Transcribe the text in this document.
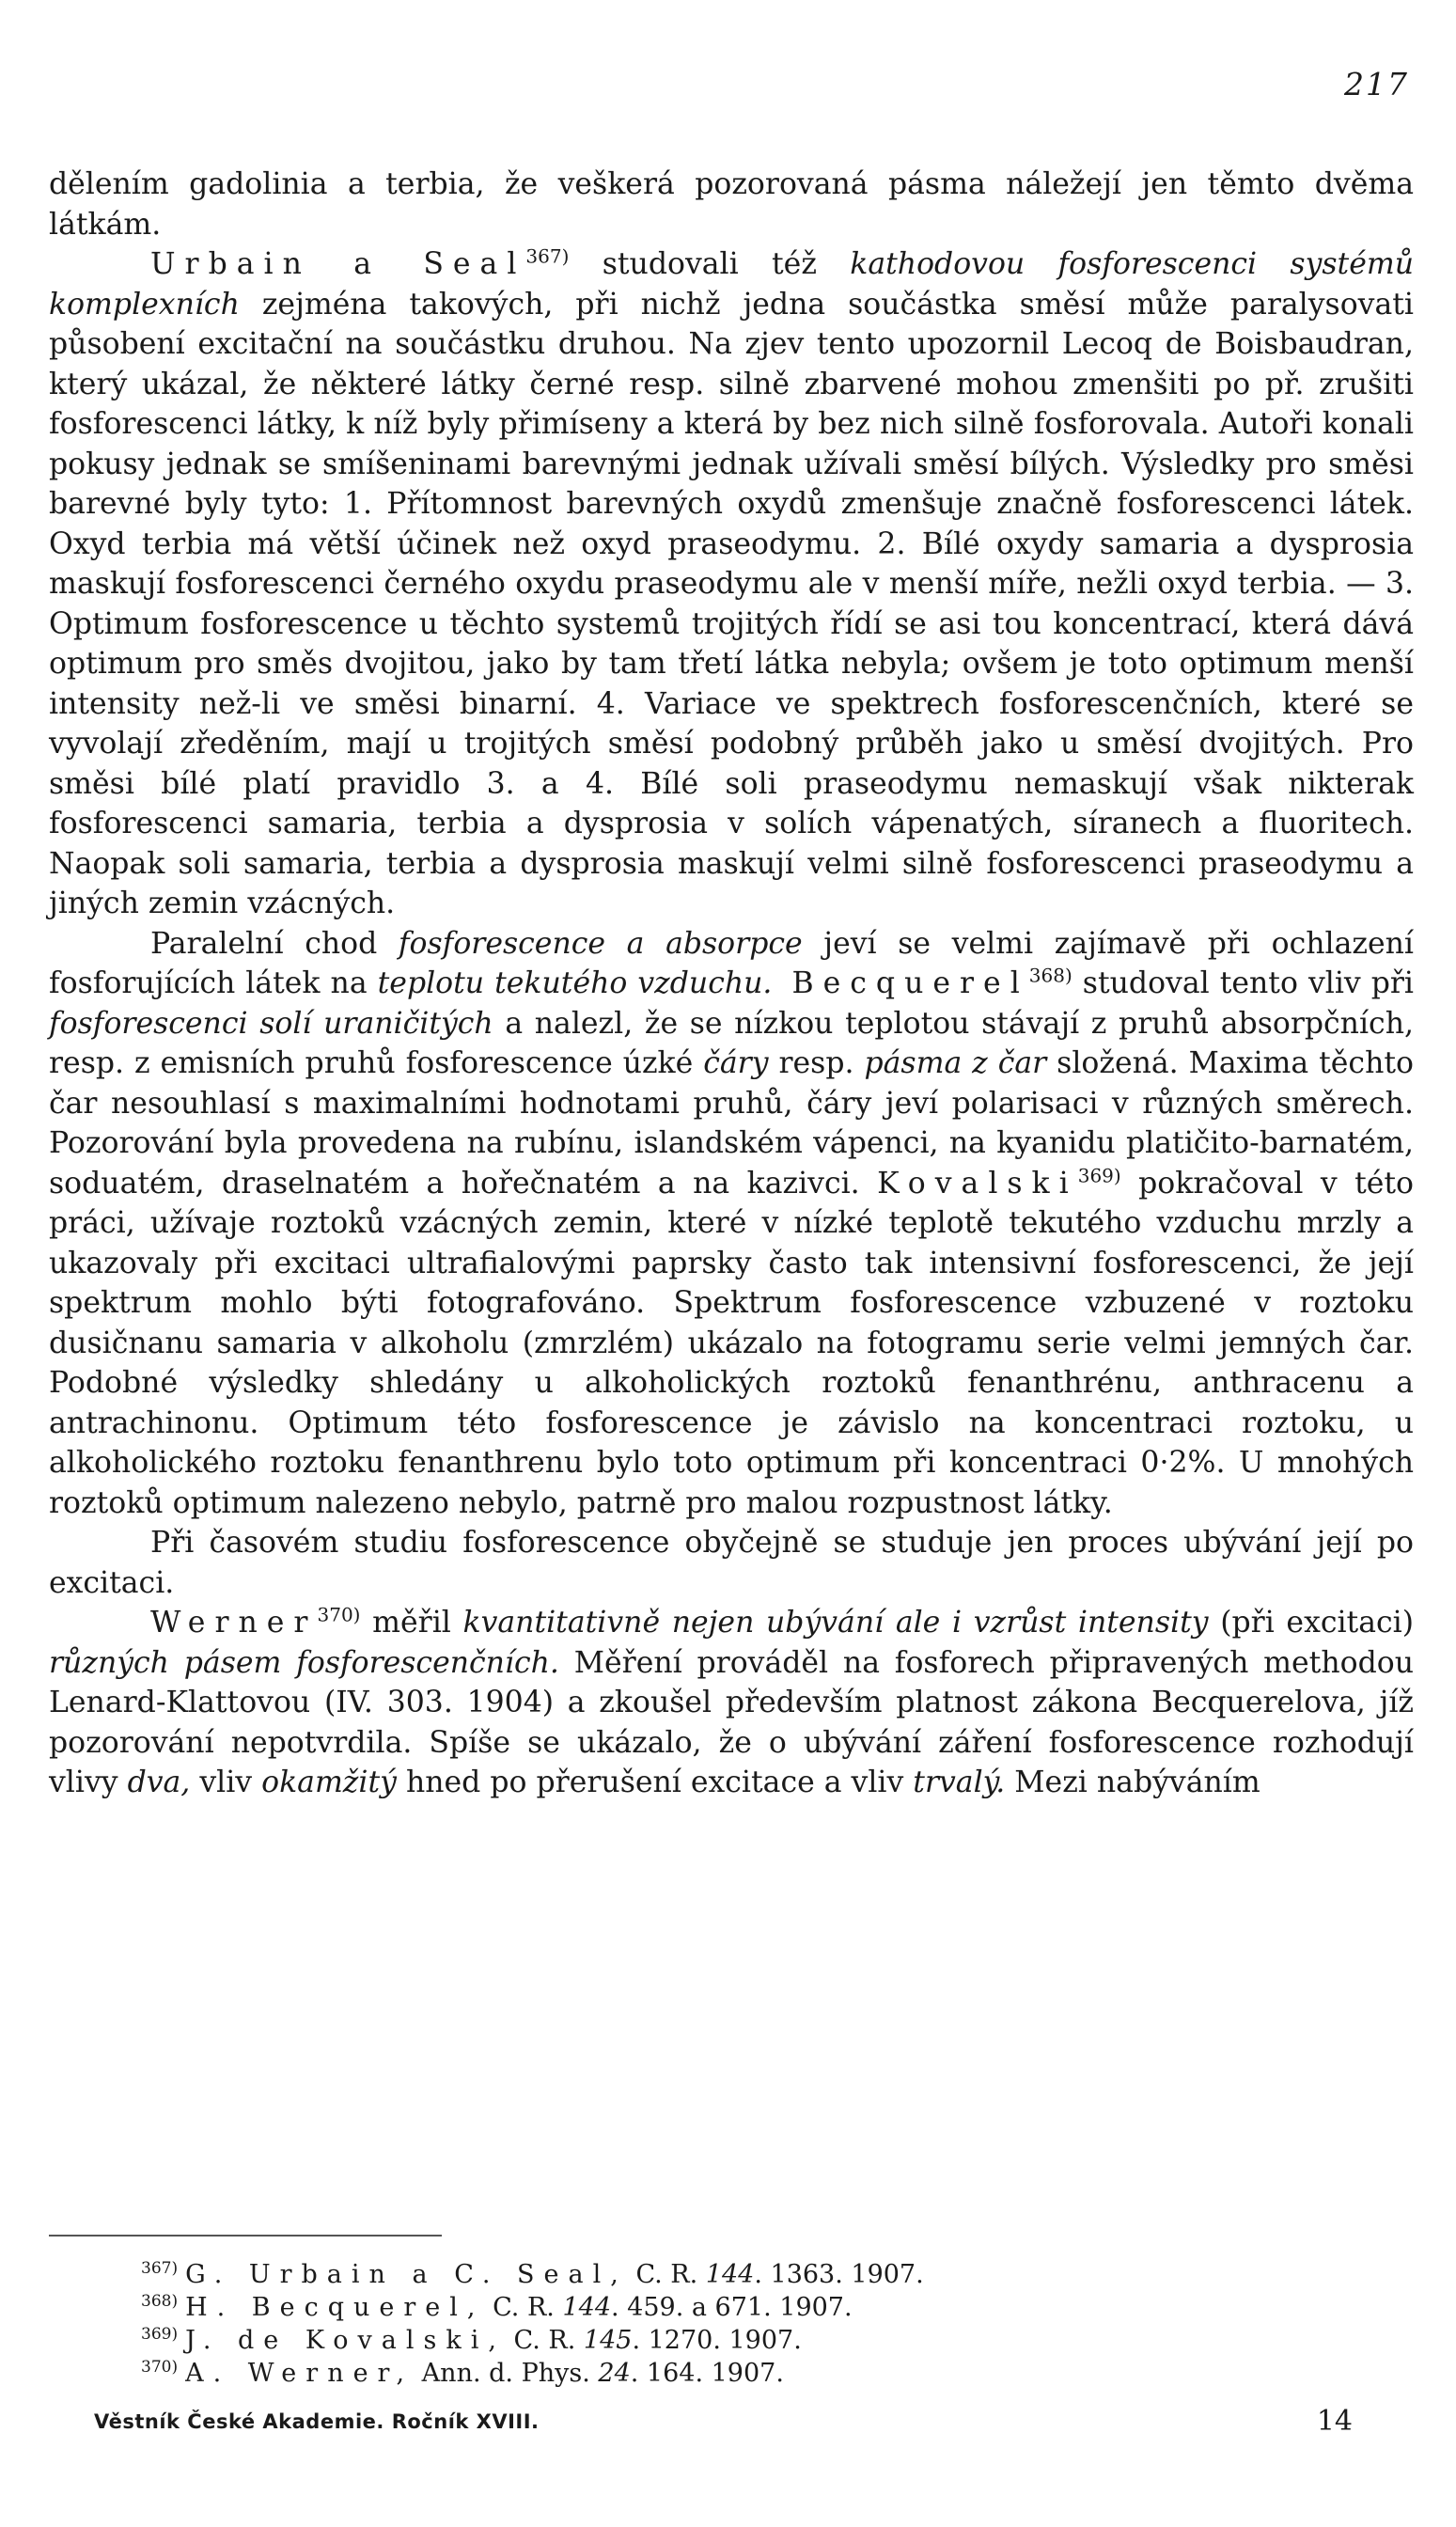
217

dělením gadolinia a terbia, že veškerá pozorovaná pásma náležejí jen těmto dvěma látkám.

Urbain a Seal$^{367)}$ studovali též kathodovou fosforescenci systémů komplexních zejména takových, při nichž jedna součástka směsí může paralysovati působení excitační na součástku druhou. Na zjev tento upozornil Lecoq de Boisbaudran, který ukázal, že některé látky černé resp. silně zbarvené mohou zmenšiti po př. zrušiti fosforescenci látky, k níž byly přimíseny a která by bez nich silně fosforovala. Autoři konali pokusy jednak se smíšeninami barevnými jednak užívali směsí bílých. Výsledky pro směsi barevné byly tyto: 1. Přítomnost barevných oxydů zmenšuje značně fosforescenci látek. Oxyd terbia má větší účinek než oxyd praseodymu. 2. Bílé oxydy samaria a dysprosia maskují fosforescenci černého oxydu praseodymu ale v menší míře, nežli oxyd terbia. — 3. Optimum fosforescence u těchto systemů trojitých řídí se asi tou koncentrací, která dává optimum pro směs dvojitou, jako by tam třetí látka nebyla; ovšem je toto optimum menší intensity než-li ve směsi binarní. 4. Variace ve spektrech fosforescenčních, které se vyvolají zředěním, mají u trojitých směsí podobný průběh jako u směsí dvojitých. Pro směsi bílé platí pravidlo 3. a 4. Bílé soli praseodymu nemaskují však nikterak fosforescenci samaria, terbia a dysprosia v solích vápenatých, síranech a fluoritech. Naopak soli samaria, terbia a dysprosia maskují velmi silně fosforescenci praseodymu a jiných zemin vzácných.

Paralelní chod fosforescence a absorpce jeví se velmi zajímavě při ochlazení fosforujících látek na teplotu tekutého vzduchu. Becquerel$^{368)}$ studoval tento vliv při fosforescenci solí uraničitých a nalezl, že se nízkou teplotou stávají z pruhů absorpčních, resp. z emisních pruhů fosforescence úzké čáry resp. pásma z čar složená. Maxima těchto čar nesouhlasí s maximalními hodnotami pruhů, čáry jeví polarisaci v různých směrech. Pozorování byla provedena na rubínu, islandském vápenci, na kyanidu platičito-barnatém, soduatém, draselnatém a hořečnatém a na kazivci. Kovalski$^{369)}$ pokračoval v této práci, užívaje roztoků vzácných zemin, které v nízké teplotě tekutého vzduchu mrzly a ukazovaly při excitaci ultrafialovými paprsky často tak intensivní fosforescenci, že její spektrum mohlo býti fotografováno. Spektrum fosforescence vzbuzené v roztoku dusičnanu samaria v alkoholu (zmrzlém) ukázalo na fotogramu serie velmi jemných čar. Podobné výsledky shledány u alkoholických roztoků fenanthrénu, anthracenu a antrachinonu. Optimum této fosforescence je závislo na koncentraci roztoku, u alkoholického roztoku fenanthrenu bylo toto optimum při koncentraci 0·2%. U mnohých roztoků optimum nalezeno nebylo, patrně pro malou rozpustnost látky.

Při časovém studiu fosforescence obyčejně se studuje jen proces ubývání její po excitaci.

Werner$^{370)}$ měřil kvantitativně nejen ubývání ale i vzrůst intensity (při excitaci) různých pásem fosforescenčních. Měření prováděl na fosforech připravených methodou Lenard-Klattovou (IV. 303. 1904) a zkoušel především platnost zákona Becquerelova, jíž pozorování nepotvrdila. Spíše se ukázalo, že o ubývání záření fosforescence rozhodují vlivy dva, vliv okamžitý hned po přerušení excitace a vliv trvalý. Mezi nabýváním

$^{367)}$ G. Urbain a C. Seal, C. R. 144. 1363. 1907.
$^{368)}$ H. Becquerel, C. R. 144. 459. a 671. 1907.
$^{369)}$ J. de Kovalski, C. R. 145. 1270. 1907.
$^{370)}$ A. Werner, Ann. d. Phys. 24. 164. 1907.
Věstník České Akademie. Ročník XVIII.	14
